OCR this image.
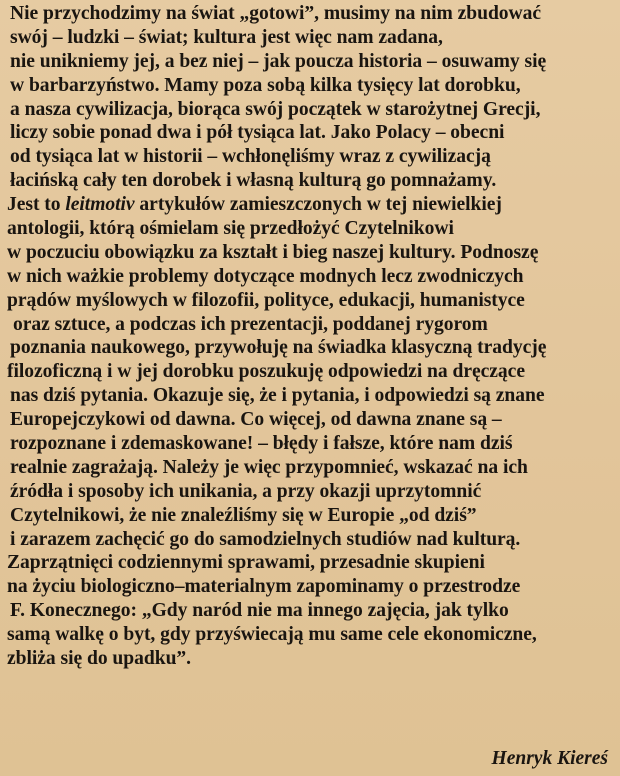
Nie przychodzimy na świat „gotowi”, musimy na nim zbudować
swój – ludzki – świat; kultura jest więc nam zadana,
nie unikniemy jej, a bez niej – jak poucza historia – osuwamy się
w barbarzyństwo. Mamy poza sobą kilka tysięcy lat dorobku,
a nasza cywilizacja, biorąca swój początek w starożytnej Grecji,
liczy sobie ponad dwa i pół tysiąca lat. Jako Polacy – obecni
od tysiąca lat w historii – wchłonęliśmy wraz z cywilizacją
łacińską cały ten dorobek i własną kulturą go pomnażamy.
Jest to leitmotiv artykułów zamieszczonych w tej niewielkiej
antologii, którą ośmielam się przedłożyć Czytelnikowi
w poczuciu obowiązku za kształt i bieg naszej kultury. Podnoszę
w nich ważkie problemy dotyczące modnych lecz zwodniczych
prądów myślowych w filozofii, polityce, edukacji, humanistyce
oraz sztuce, a podczas ich prezentacji, poddanej rygorom
poznania naukowego, przywołuję na świadka klasyczną tradycję
filozoficzną i w jej dorobku poszukuję odpowiedzi na dręczące
nas dziś pytania. Okazuje się, że i pytania, i odpowiedzi są znane
Europejczykowi od dawna. Co więcej, od dawna znane są –
rozpoznane i zdemaskowane! – błędy i fałsze, które nam dziś
realnie zagrażają. Należy je więc przypomnieć, wskazać na ich
źródła i sposoby ich unikania, a przy okazji uprzytomnić
Czytelnikowi, że nie znaleźliśmy się w Europie „od dziś”
i zarazem zachęcić go do samodzielnych studiów nad kulturą.
Zaprzątnięci codziennymi sprawami, przesadnie skupieni
na życiu biologiczno–materialnym zapominamy o przestrodze
F. Konecznego: „Gdy naród nie ma innego zajęcia, jak tylko
samą walkę o byt, gdy przyświecają mu same cele ekonomiczne,
zbliża się do upadku”.
Henryk Kiereś
